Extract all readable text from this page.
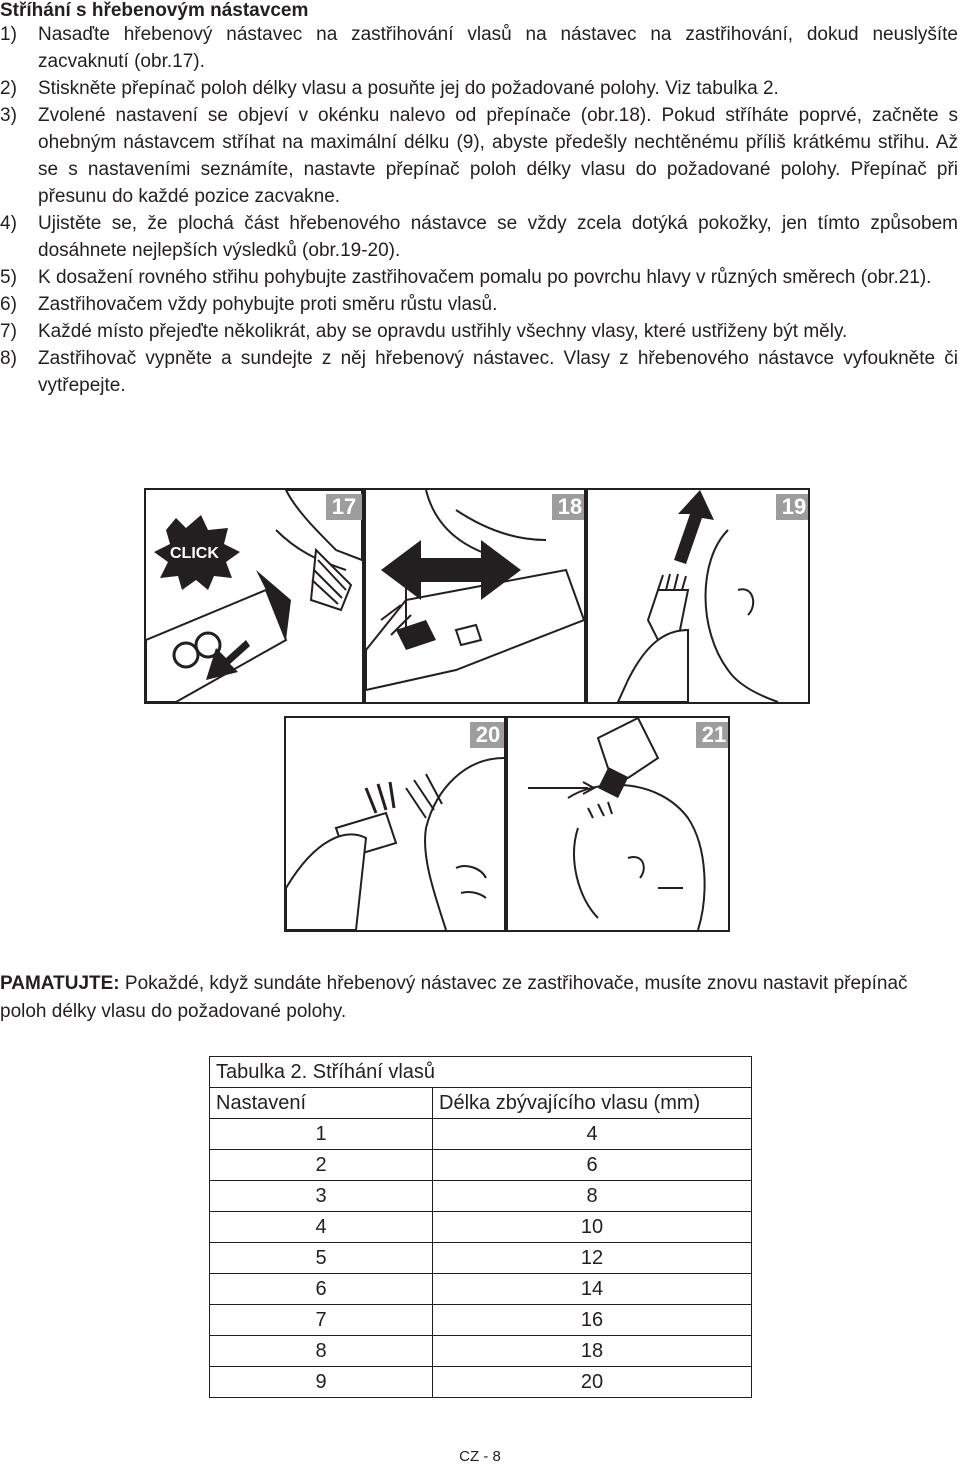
Stříhání s hřebenovým nástavcem
1)	Nasaďte hřebenový nástavec na zastřihování vlasů na nástavec na zastřihování, dokud neuslyšíte zacvaknutí (obr.17).
2)	Stiskněte přepínač poloh délky vlasu a posuňte jej do požadované polohy. Viz tabulka 2.
3)	Zvolené nastavení se objeví v okénku nalevo od přepínače (obr.18). Pokud stříháte poprvé, začněte s ohebným nástavcem stříhat na maximální délku (9), abyste předešly nechtěnému příliš krátkému střihu. Až se s nastaveními seznámíte, nastavte přepínač poloh délky vlasu do požadované polohy. Přepínač při přesunu do každé pozice zacvakne.
4)	Ujistěte se, že plochá část hřebenového nástavce se vždy zcela dotýká pokožky, jen tímto způsobem dosáhnete nejlepších výsledků (obr.19-20).
5)	K dosažení rovného střihu pohybujte zastřihovačem pomalu po povrchu hlavy v různých směrech (obr.21).
6)	Zastřihovačem vždy pohybujte proti směru růstu vlasů.
7)	Každé místo přejeďte několikrát, aby se opravdu ustřihly všechny vlasy, které ustřiženy být měly.
8)	Zastřihovač vypněte a sundejte z něj hřebenový nástavec. Vlasy z hřebenového nástavce vyfoukněte či vytřepejte.
CLICK
17	18	19
20	21
PAMATUJTE: Pokaždé, když sundáte hřebenový nástavec ze zastřihovače, musíte znovu nastavit přepínač poloh délky vlasu do požadované polohy.
Tabulka 2. Stříhání vlasů	
Nastavení	Délka zbývajícího vlasu (mm)
1	4
2	6
3	8
4	10
5	12
6	14
7	16
8	18
9	20
CZ - 8
